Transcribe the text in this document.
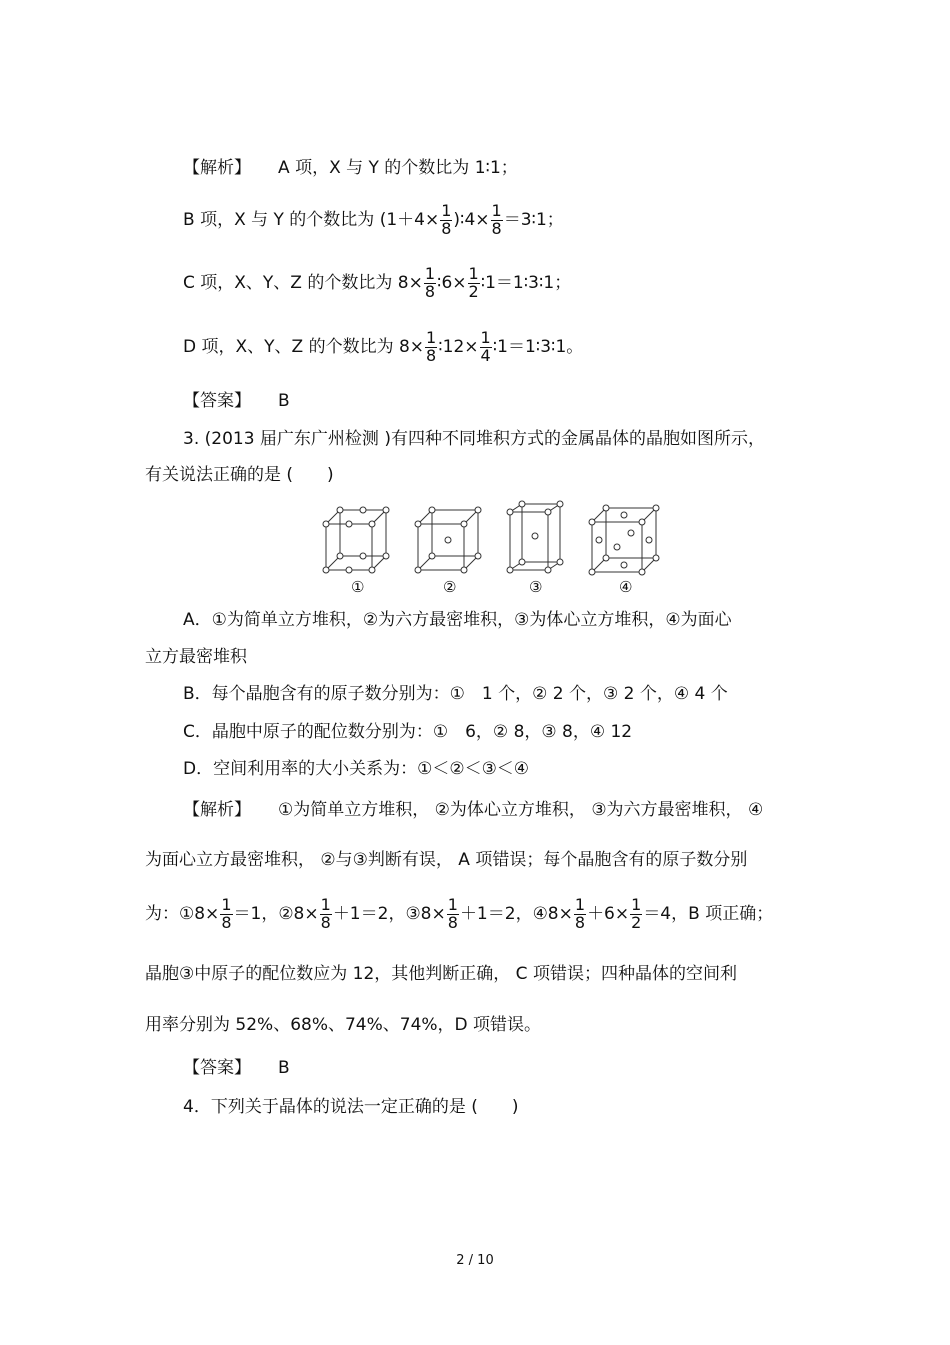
【解析】 A 项，X 与 Y 的个数比为 1∶1；
B 项，X 与 Y 的个数比为 ($1+4\times \frac{1}{8}$ )∶4× $\frac{1}{8}$ ＝3∶1；
C 项，X、Y、Z 的个数比为 $8\times \frac{1}{8}$ ∶6× $\frac{1}{2}$ ∶1＝1∶3∶1；
D 项，X、Y、Z 的个数比为 $8\times \frac{1}{8}$ ∶12× $\frac{1}{4}$ ∶1＝1∶3∶1。
【答案】 B
3. (2013 届广东广州检测 )有四种不同堆积方式的金属晶体的晶胞如图所示，
有关说法正确的是 (　　)
①	②	③	④
A．①为简单立方堆积，②为六方最密堆积，③为体心立方堆积，④为面心
立方最密堆积
B．每个晶胞含有的原子数分别为：①　1 个，② 2 个，③ 2 个，④ 4 个
C．晶胞中原子的配位数分别为：①　6，② 8，③ 8，④ 12
D．空间利用率的大小关系为：①＜②＜③＜④
【解析】 ①为简单立方堆积， ②为体心立方堆积， ③为六方最密堆积， ④
为面心立方最密堆积， ②与③判断有误， A 项错误；每个晶胞含有的原子数分别
为：①8× $\frac{1}{8} =1$，②8× $\frac{1}{8} +1=2$，③8× $\frac{1}{8} +1=2$，④8× $\frac{1}{8} +6\times \frac{1}{2} =4$，B 项正确；
晶胞③中原子的配位数应为 12，其他判断正确， C 项错误；四种晶体的空间利
用率分别为 52%、68%、74%、74%，D 项错误。
【答案】 B
4．下列关于晶体的说法一定正确的是 (　　)
2 / 10
